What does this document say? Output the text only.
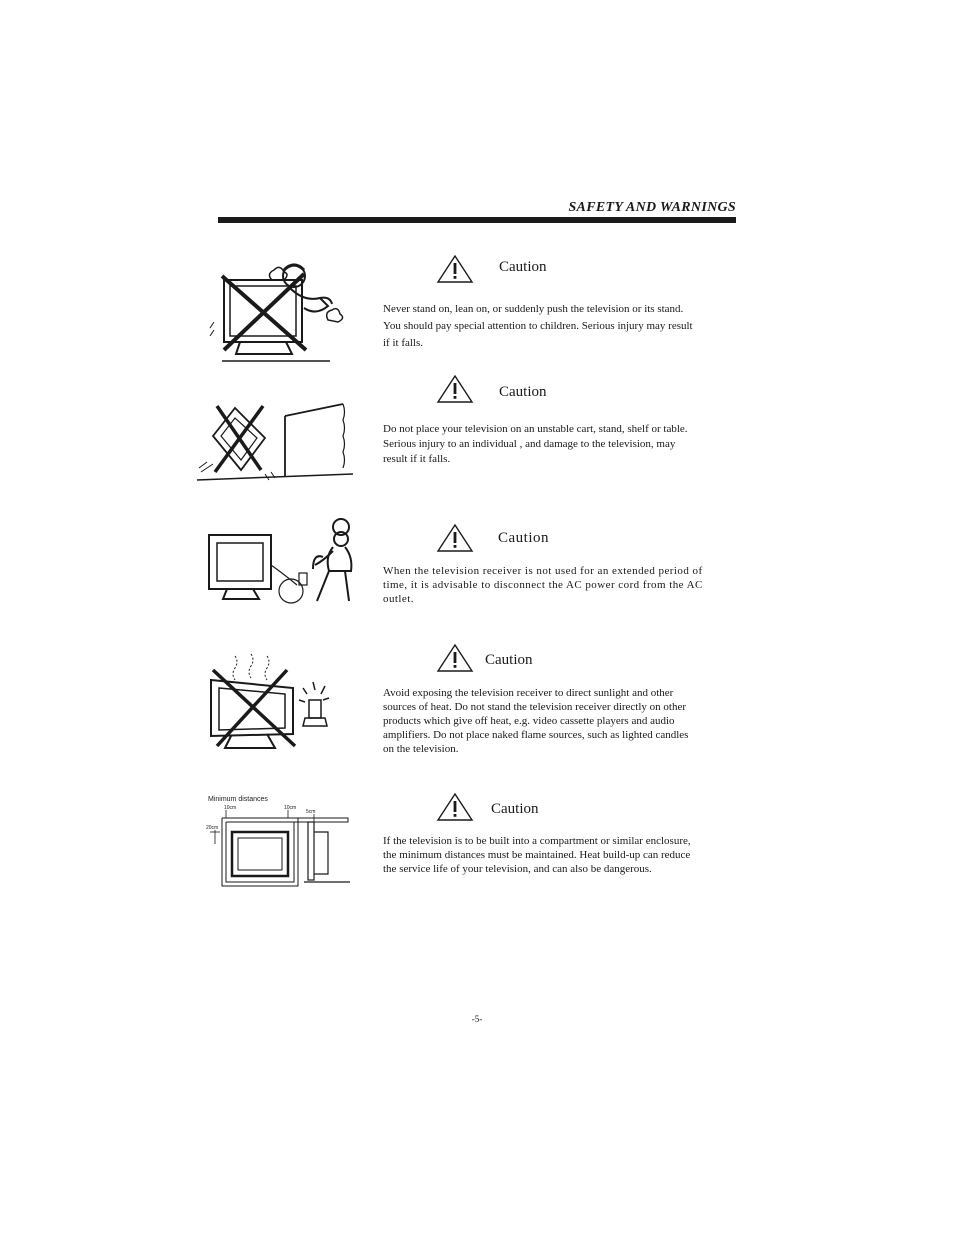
SAFETY AND WARNINGS
Caution
Never stand on, lean on, or suddenly push the television or its stand.
You should pay special attention to children. Serious injury may result
if it falls.
Caution
Do not place your television on an unstable cart, stand, shelf or table.
Serious injury to an individual , and damage to the television, may
result if it falls.
Caution
When the television receiver is not used for an extended period of
time, it is advisable to disconnect the AC power cord from the AC
outlet.
Caution
Avoid exposing the television receiver to direct sunlight and other
sources of heat. Do not stand the television receiver directly on other
products which give off heat, e.g. video cassette players and audio
amplifiers. Do not place naked flame sources, such as lighted candles
on the television.
Minimum distances
10cm	10cm
5cm
20cm
Caution
If the television is to be built into a compartment or similar enclosure,
the minimum distances must be maintained. Heat build-up can reduce
the service life of your television, and can also be dangerous.
-5-
